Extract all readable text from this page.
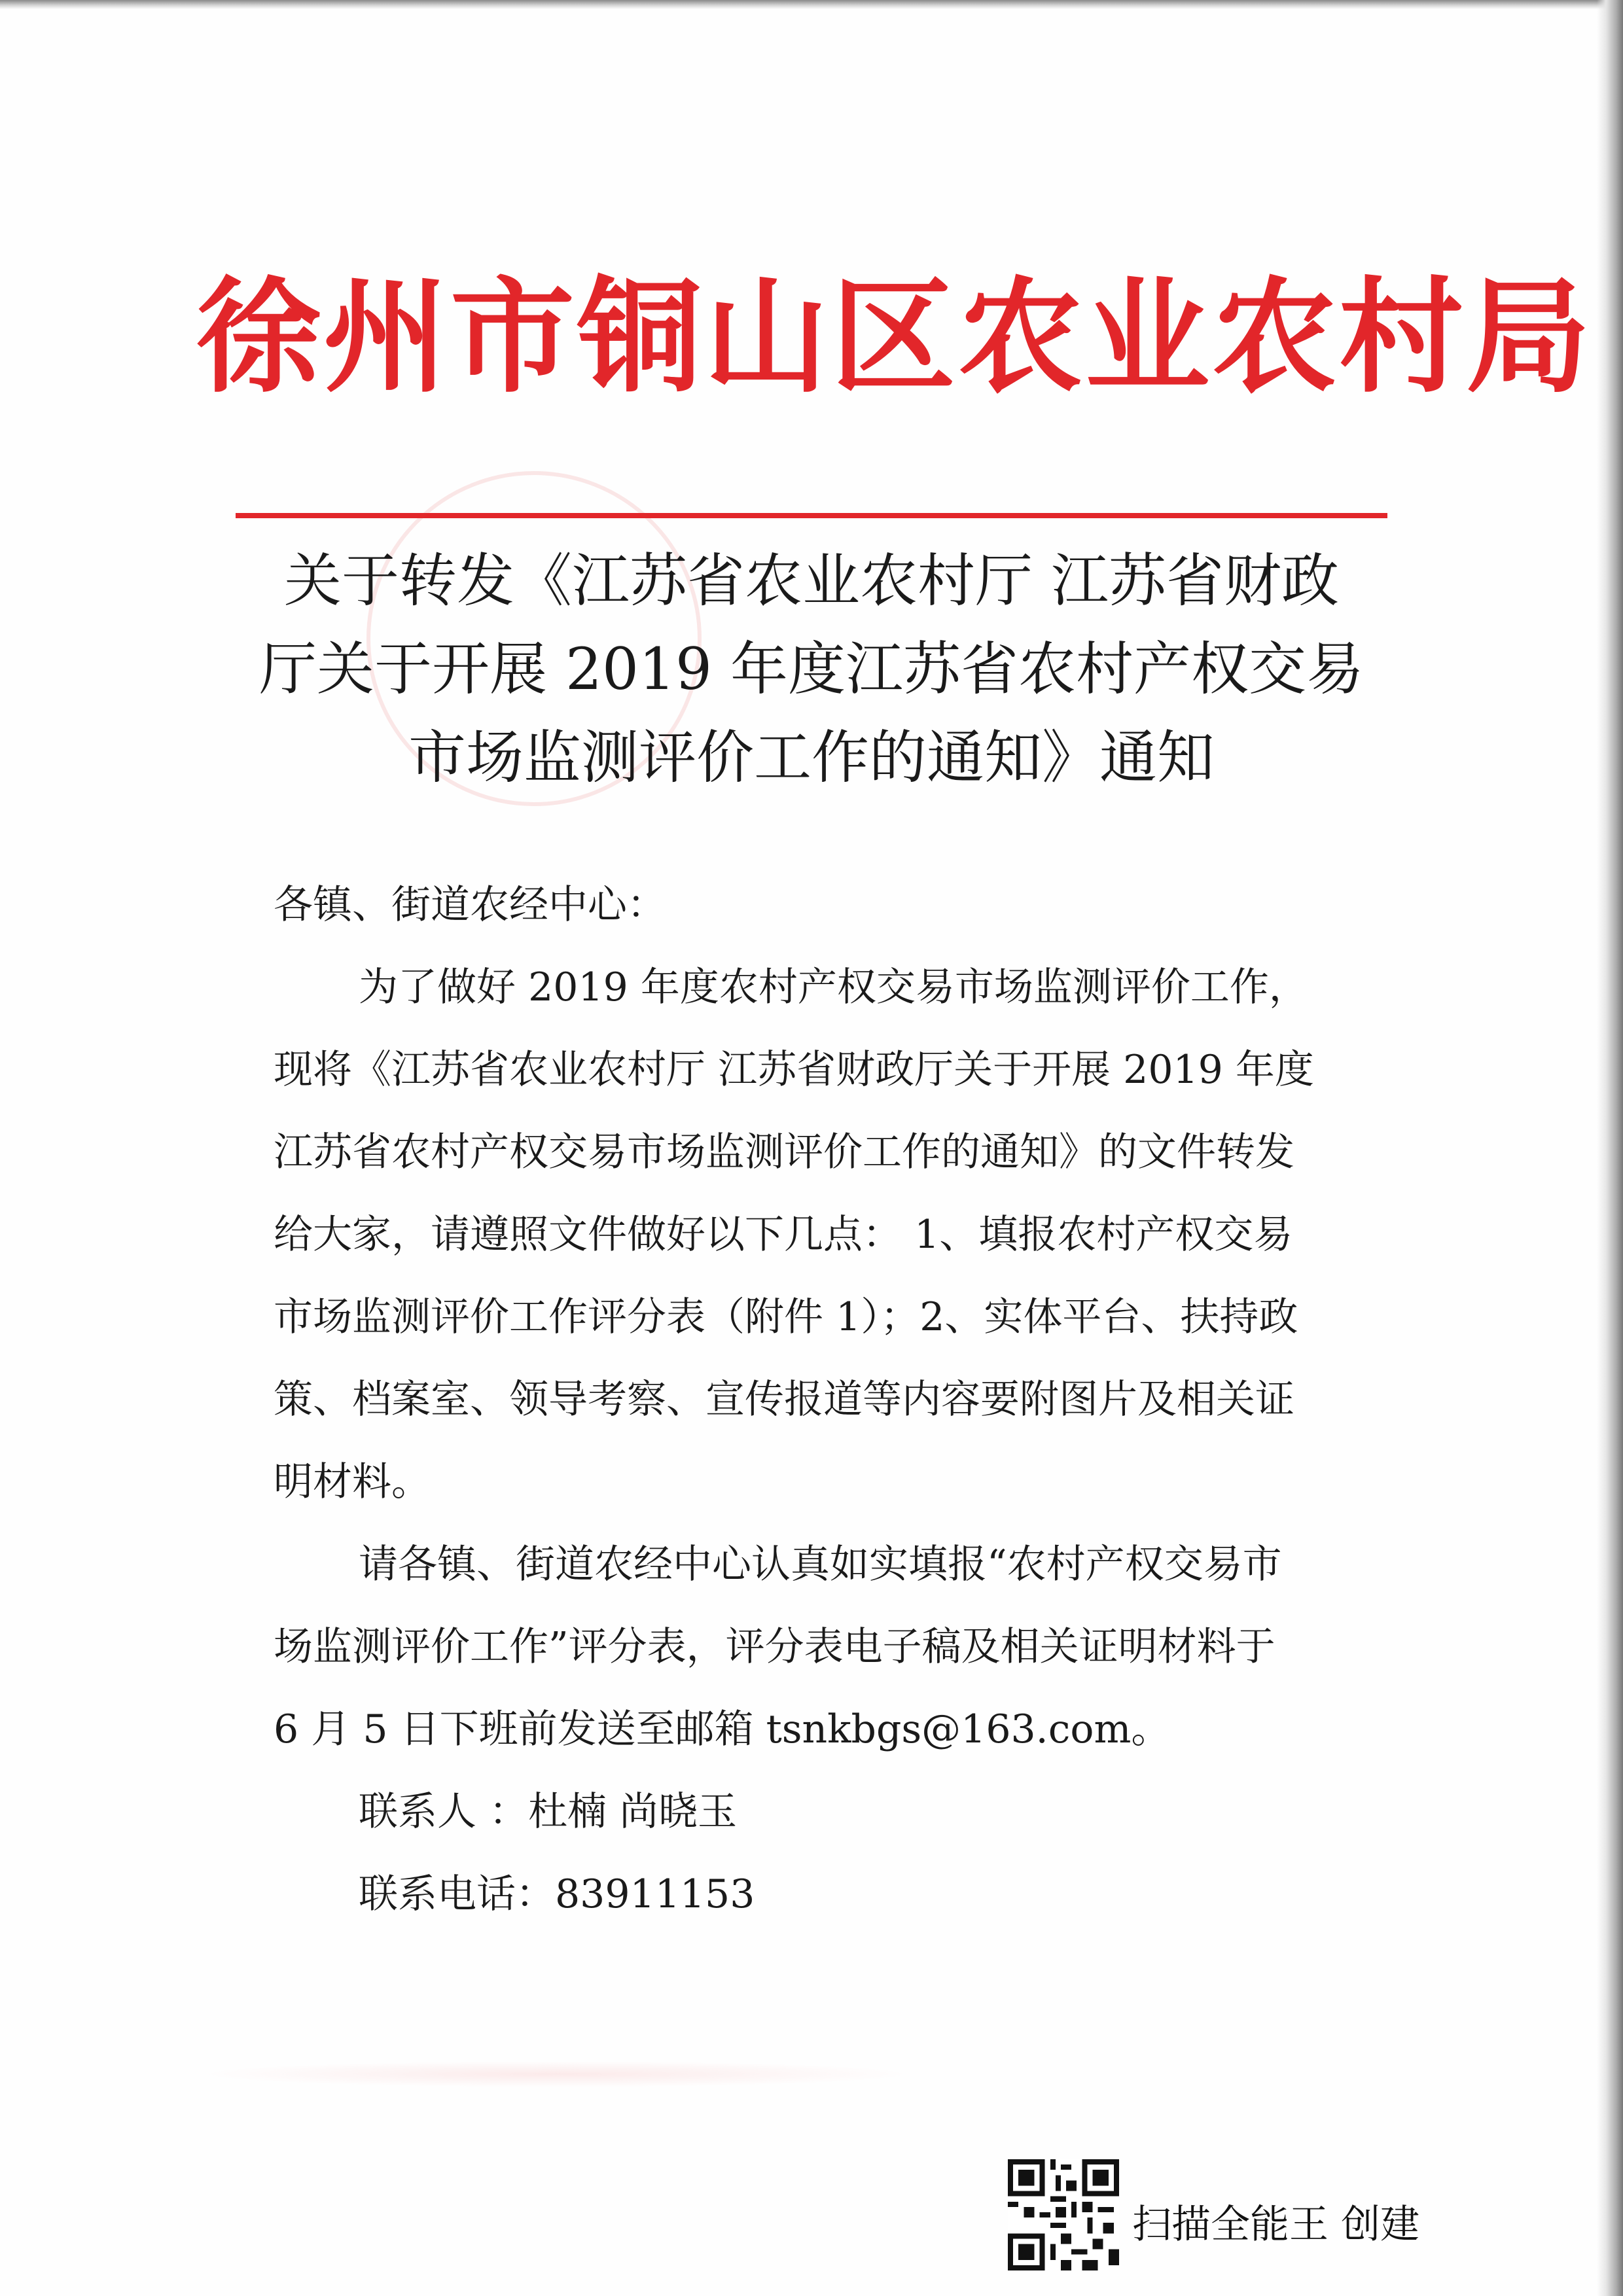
徐州市铜山区农业农村局
关于转发《江苏省农业农村厅 江苏省财政
厅关于开展 2019 年度江苏省农村产权交易
市场监测评价工作的通知》通知
各镇、街道农经中心：
为了做好 2019 年度农村产权交易市场监测评价工作，
现将《江苏省农业农村厅 江苏省财政厅关于开展 2019 年度
江苏省农村产权交易市场监测评价工作的通知》的文件转发
给大家，请遵照文件做好以下几点： 1、填报农村产权交易
市场监测评价工作评分表（附件 1）；2、实体平台、扶持政
策、档案室、领导考察、宣传报道等内容要附图片及相关证
明材料。
请各镇、街道农经中心认真如实填报“农村产权交易市
场监测评价工作”评分表，评分表电子稿及相关证明材料于
6 月 5 日下班前发送至邮箱 tsnkbgs@163.com。
联系人 ：杜楠 尚晓玉
联系电话：83911153
扫描全能王 创建
